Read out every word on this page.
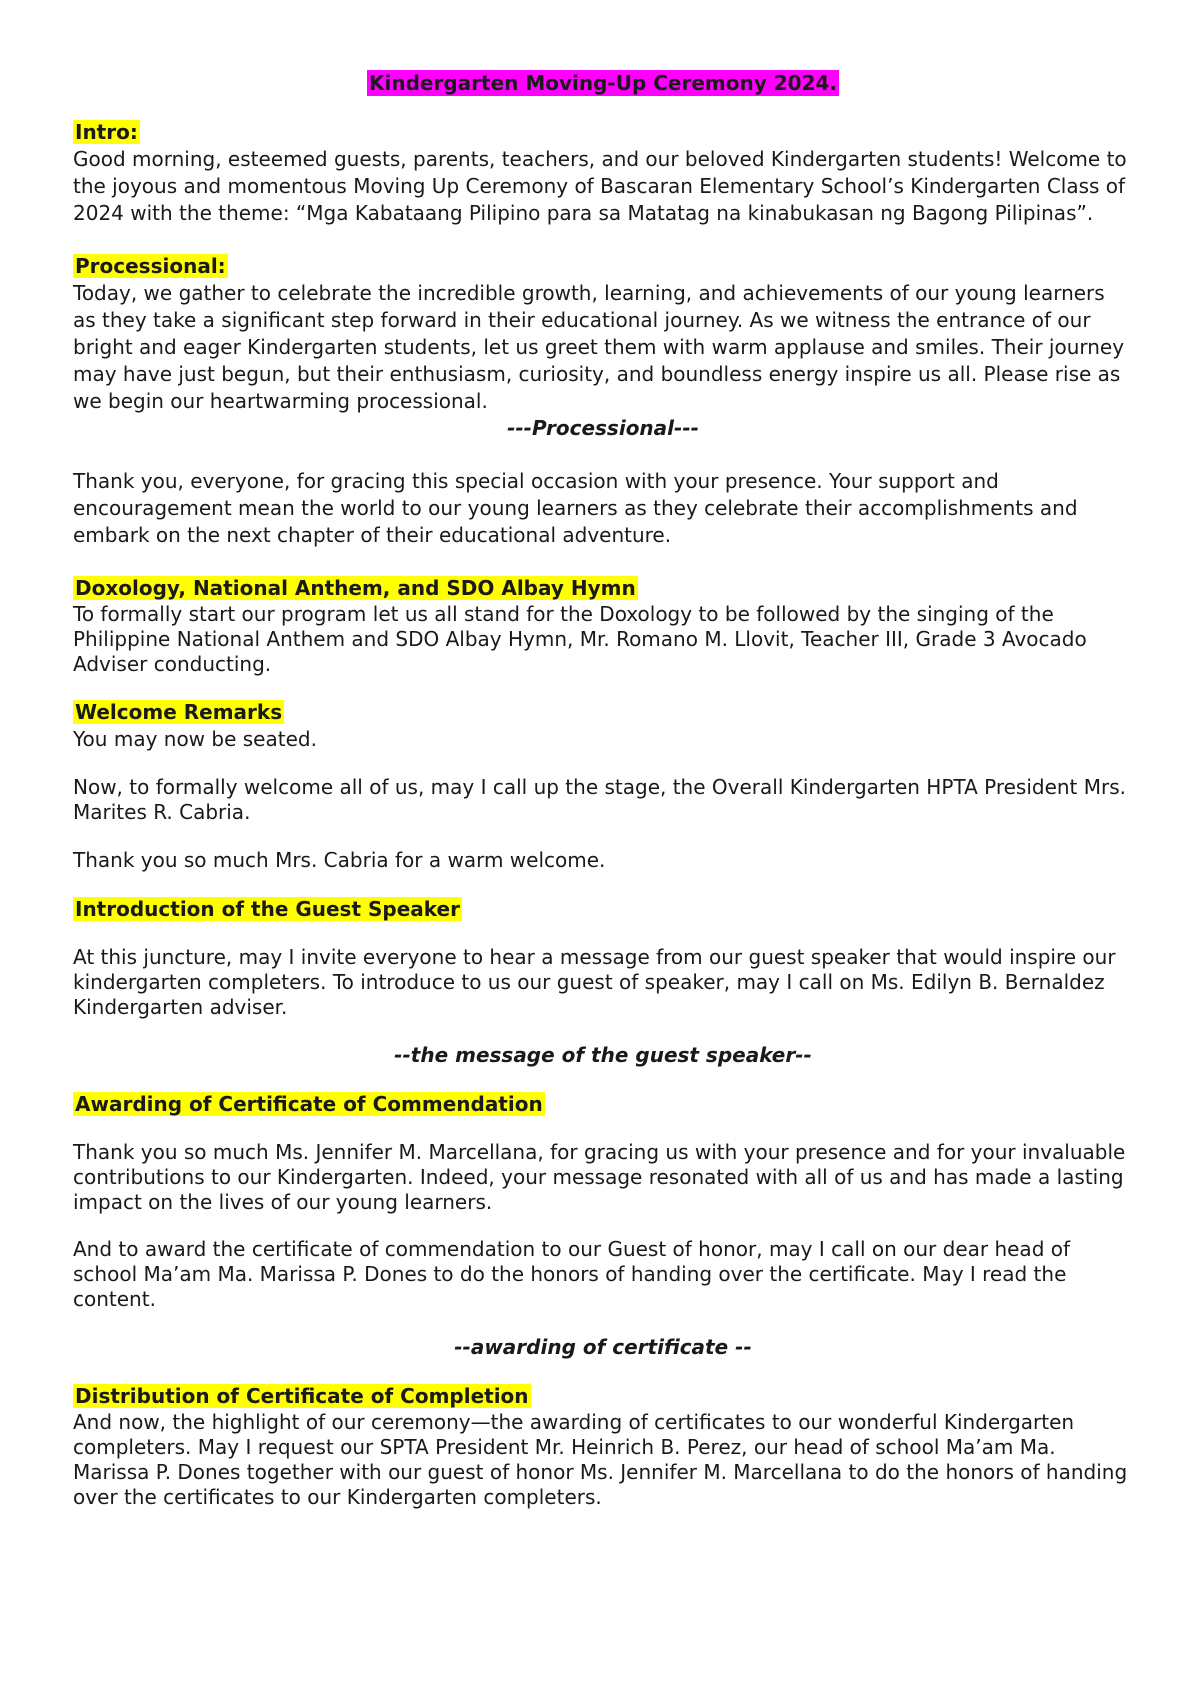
Kindergarten Moving-Up Ceremony 2024.

Intro:

Good morning, esteemed guests, parents, teachers, and our beloved Kindergarten students! Welcome to the joyous and momentous Moving Up Ceremony of Bascaran Elementary School’s Kindergarten Class of 2024 with the theme: “Mga Kabataang Pilipino para sa Matatag na kinabukasan ng Bagong Pilipinas”.

Processional:

Today, we gather to celebrate the incredible growth, learning, and achievements of our young learners as they take a significant step forward in their educational journey. As we witness the entrance of our bright and eager Kindergarten students, let us greet them with warm applause and smiles. Their journey may have just begun, but their enthusiasm, curiosity, and boundless energy inspire us all. Please rise as we begin our heartwarming processional.

---Processional---

Thank you, everyone, for gracing this special occasion with your presence. Your support and encouragement mean the world to our young learners as they celebrate their accomplishments and embark on the next chapter of their educational adventure.

Doxology, National Anthem, and SDO Albay Hymn

To formally start our program let us all stand for the Doxology to be followed by the singing of the Philippine National Anthem and SDO Albay Hymn, Mr. Romano M. Llovit, Teacher III, Grade 3 Avocado Adviser conducting.

Welcome Remarks

You may now be seated.

Now, to formally welcome all of us, may I call up the stage, the Overall Kindergarten HPTA President Mrs. Marites R. Cabria.

Thank you so much Mrs. Cabria for a warm welcome.

Introduction of the Guest Speaker

At this juncture, may I invite everyone to hear a message from our guest speaker that would inspire our kindergarten completers. To introduce to us our guest of speaker, may I call on Ms. Edilyn B. Bernaldez Kindergarten adviser.

--the message of the guest speaker--

Awarding of Certificate of Commendation

Thank you so much Ms. Jennifer M. Marcellana, for gracing us with your presence and for your invaluable contributions to our Kindergarten. Indeed, your message resonated with all of us and has made a lasting impact on the lives of our young learners.

And to award the certificate of commendation to our Guest of honor, may I call on our dear head of school Ma’am Ma. Marissa P. Dones to do the honors of handing over the certificate. May I read the content.

--awarding of certificate --

Distribution of Certificate of Completion

And now, the highlight of our ceremony—the awarding of certificates to our wonderful Kindergarten completers. May I request our SPTA President Mr. Heinrich B. Perez, our head of school Ma’am Ma. Marissa P. Dones together with our guest of honor Ms. Jennifer M. Marcellana to do the honors of handing over the certificates to our Kindergarten completers.
